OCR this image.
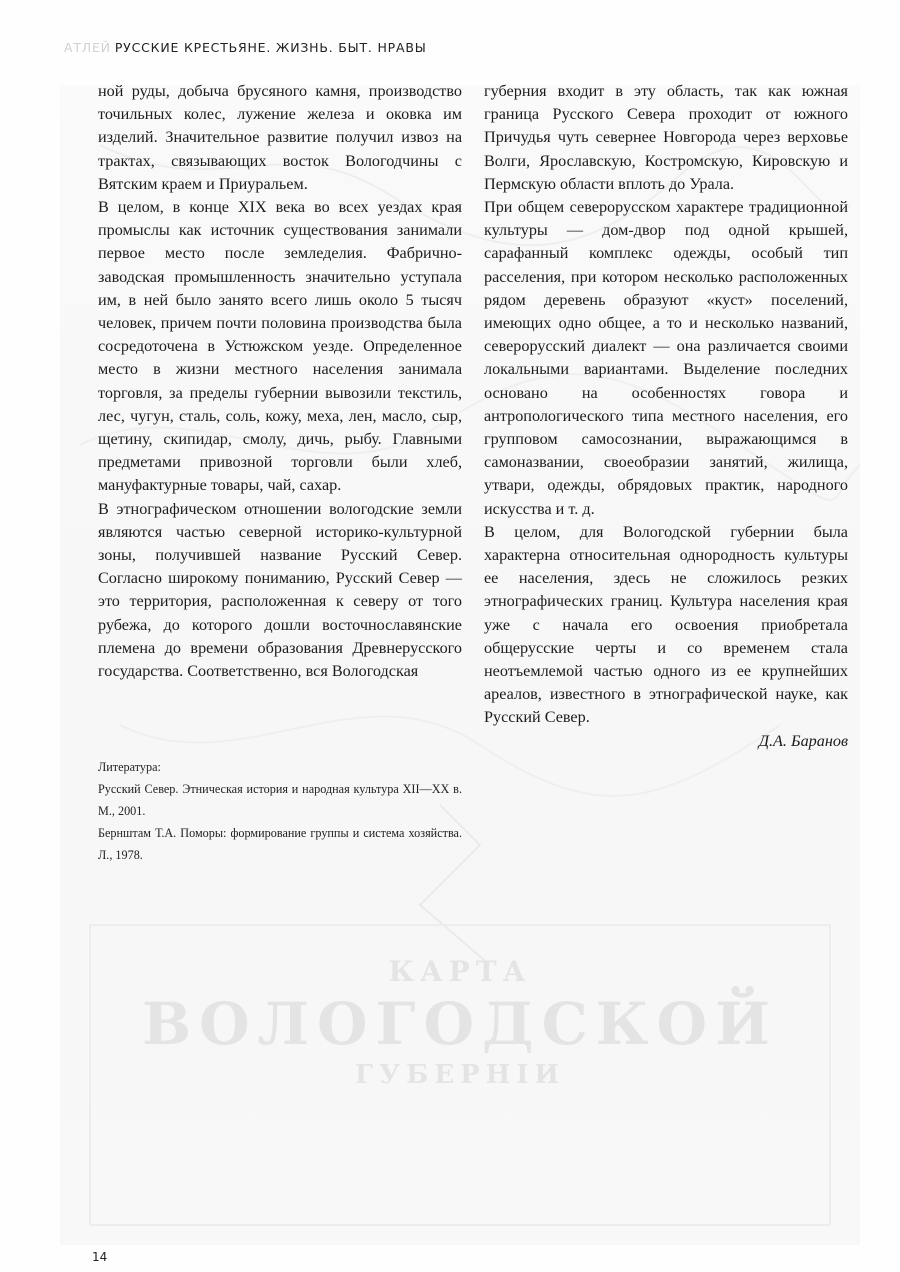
КАРТА
ВОЛОГОДСКОЙ
ГУБЕРНІИ
АТЛЕЙ РУССКИЕ КРЕСТЬЯНЕ. ЖИЗНЬ. БЫТ. НРАВЫ

ной руды, добыча брусяного камня, производство точильных колес, лужение железа и оковка им изделий. Значительное развитие получил извоз на трактах, связывающих восток Вологодчины с Вятским краем и Приуральем.

В целом, в конце XIX века во всех уездах края промыслы как источник существования занимали первое место после земледелия. Фабрично-заводская промышленность значительно уступала им, в ней было занято всего лишь около 5 тысяч человек, причем почти половина производства была сосредоточена в Устюжском уезде. Определенное место в жизни местного населения занимала торговля, за пределы губернии вывозили текстиль, лес, чугун, сталь, соль, кожу, меха, лен, масло, сыр, щетину, скипидар, смолу, дичь, рыбу. Главными предметами привозной торговли были хлеб, мануфактурные товары, чай, сахар.

В этнографическом отношении вологодские земли являются частью северной историко-культурной зоны, получившей название Русский Север. Согласно широкому пониманию, Русский Север — это территория, расположенная к северу от того рубежа, до которого дошли восточнославянские племена до времени образования Древнерусского государства. Соответственно, вся Вологодская

губерния входит в эту область, так как южная граница Русского Севера проходит от южного Причудья чуть севернее Новгорода через верховье Волги, Ярославскую, Костромскую, Кировскую и Пермскую области вплоть до Урала.

При общем северорусском характере традиционной культуры — дом-двор под одной крышей, сарафанный комплекс одежды, особый тип расселения, при котором несколько расположенных рядом деревень образуют «куст» поселений, имеющих одно общее, а то и несколько названий, северорусский диалект — она различается своими локальными вариантами. Выделение последних основано на особенностях говора и антропологического типа местного населения, его групповом самосознании, выражающимся в самоназвании, своеобразии занятий, жилища, утвари, одежды, обрядовых практик, народного искусства и т. д.

В целом, для Вологодской губернии была характерна относительная однородность культуры ее населения, здесь не сложилось резких этнографических границ. Культура населения края уже с начала его освоения приобретала общерусские черты и со временем стала неотъемлемой частью одного из ее крупнейших ареалов, известного в этнографической науке, как Русский Север.

Д.А. Баранов

Литература:

Русский Север. Этническая история и народная культура XII—XX в. М., 2001.

Бернштам Т.А. Поморы: формирование группы и система хозяйства. Л., 1978.

14
